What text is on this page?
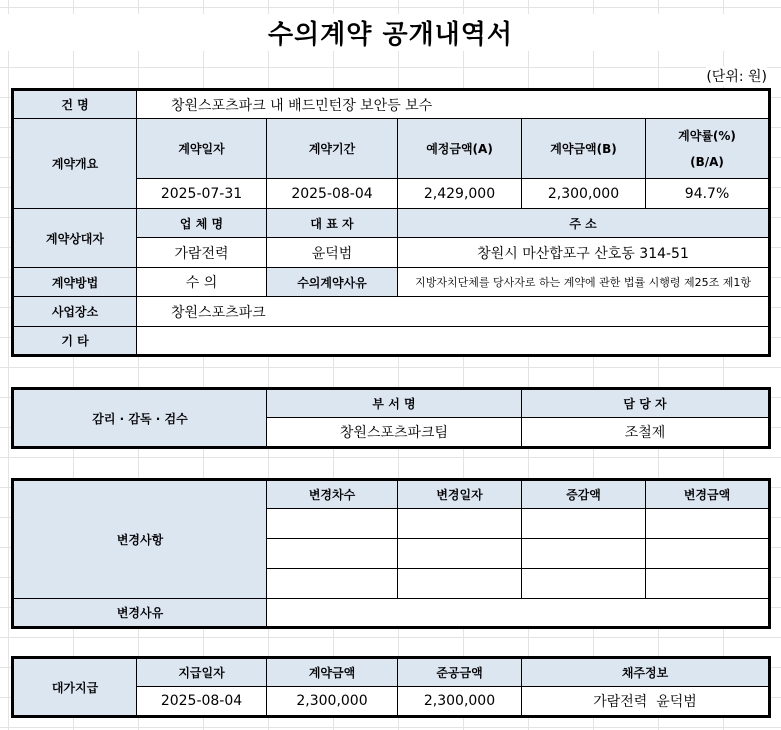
수의계약 공개내역서
(단위: 원)
건 명	창원스포츠파크 내 배드민턴장 보안등 보수				
계약개요	계약일자	계약기간	예정금액(A)	계약금액(B)	계약률(%)
(B/A)

	2025-07-31	2025-08-04	2,429,000	2,300,000	94.7%
계약상대자	업 체 명	대 표 자	주 소		
	가람전력	윤덕범	창원시 마산합포구 산호동 314-51		
계약방법	수 의	수의계약사유	지방자치단체를 당사자로 하는 계약에 관한 법률 시행령 제25조 제1항		
사업장소	창원스포츠파크				
기 타					
감리 · 감독 · 검수	부 서 명	담 당 자
	창원스포츠파크팀	조철제
변경사항	변경차수	변경일자	증감액	변경금액

변경사유				
대가지급	지급일자	계약금액	준공금액	채주정보
	2025-08-04	2,300,000	2,300,000	가람전력  윤덕범
